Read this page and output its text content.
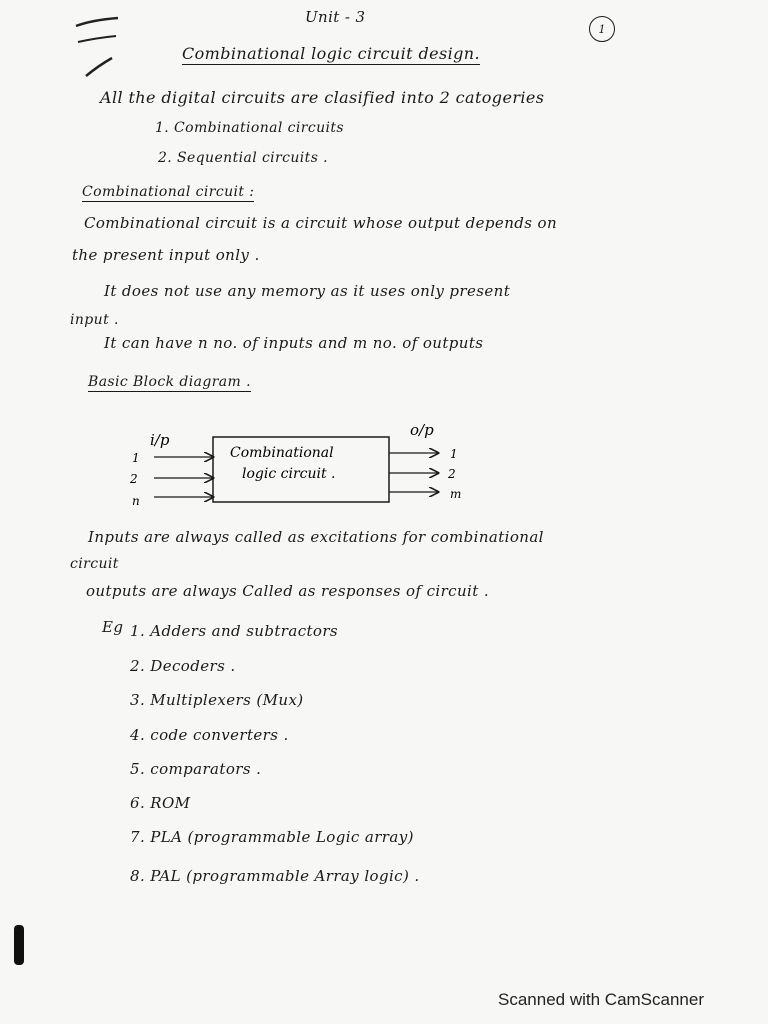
Unit - 3
1
Combinational logic circuit design.
All the digital circuits are clasified into 2 catogeries
1. Combinational circuits
2. Sequential circuits .
Combinational circuit :
Combinational circuit is a circuit whose output depends on
the present input only .
It does not use any memory as it uses only present
input .
It can have n no. of inputs and m no. of outputs
Basic Block diagram .
i/p
o/p
Combinational
logic circuit .
1
2
n
1
2
m
Inputs are always called as excitations for combinational
circuit
outputs are always Called as responses of circuit .
Eg 1. Adders and subtractors
2. Decoders .
3. Multiplexers (Mux)
4. code converters .
5. comparators .
6. ROM
7. PLA (programmable Logic array)
8. PAL (programmable Array logic) .
Scanned with CamScanner
